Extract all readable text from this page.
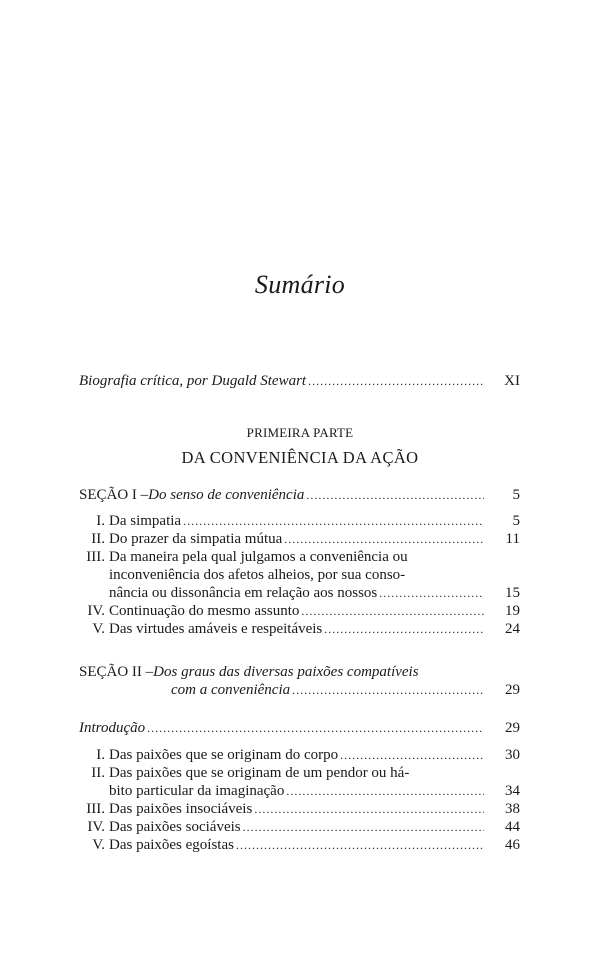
Sumário
Biografia crítica, por Dugald Stewart .....	XI
PRIMEIRA PARTE
DA CONVENIÊNCIA DA AÇÃO
SEÇÃO I – Do senso de conveniência .....	5
I. Da simpatia .....	5
II. Do prazer da simpatia mútua .....	11
III. Da maneira pela qual julgamos a conveniência ou
inconveniência dos afetos alheios, por sua conso-
nância ou dissonância em relação aos nossos .....	15
IV. Continuação do mesmo assunto .....	19
V. Das virtudes amáveis e respeitáveis .....	24
SEÇÃO II – Dos graus das diversas paixões compatíveis
com a conveniência .....	29
Introdução .....	29
I. Das paixões que se originam do corpo .....	30
II. Das paixões que se originam de um pendor ou há-
bito particular da imaginação .....	34
III. Das paixões insociáveis .....	38
IV. Das paixões sociáveis .....	44
V. Das paixões egoístas .....	46
